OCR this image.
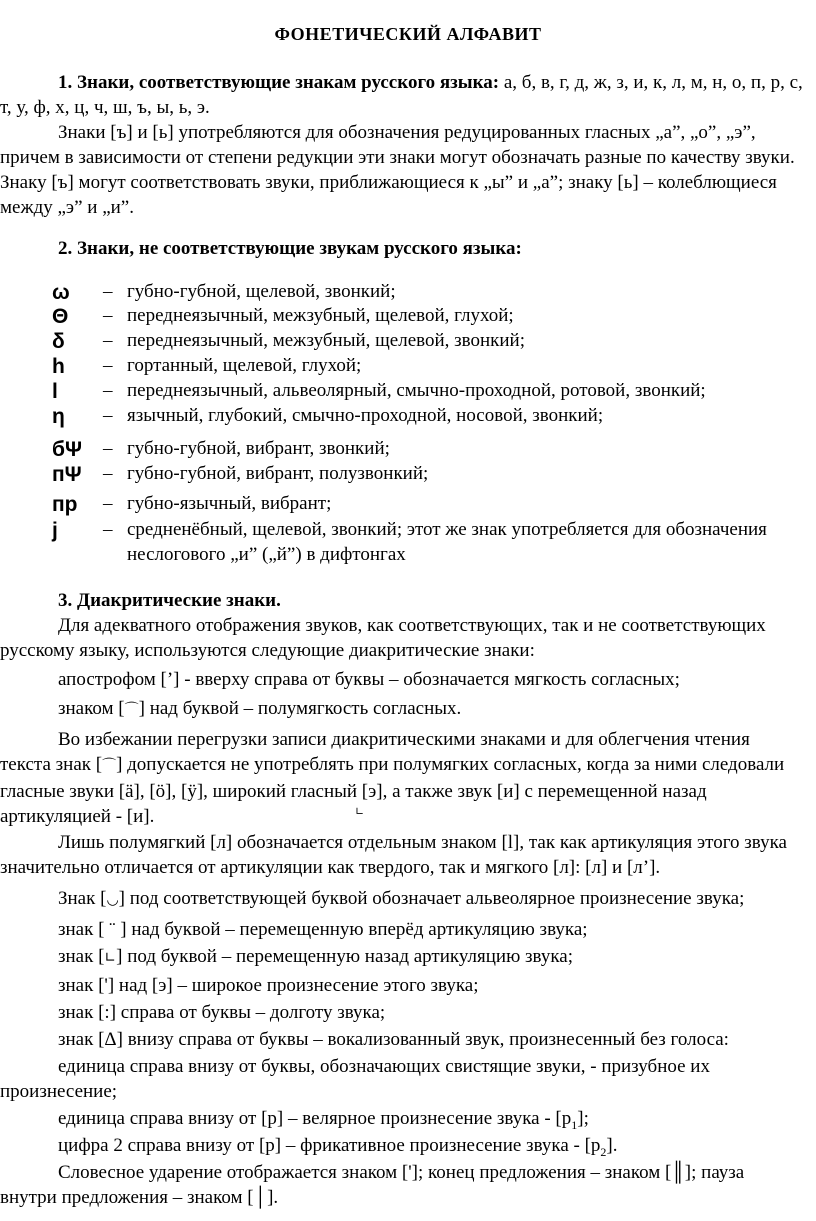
ФОНЕТИЧЕСКИЙ АЛФАВИТ

1. Знаки, соответствующие знакам русского языка: а, б, в, г, д, ж, з, и, к, л, м, н, о, п, р, с, т, у, ф, х, ц, ч, ш, ъ, ы, ь, э.

Знаки [ъ] и [ь] употребляются для обозначения редуцированных гласных „а”, „о”, „э”, причем в зависимости от степени редукции эти знаки могут обозначать разные по качеству звуки. Знаку [ъ] могут соответствовать звуки, приближающиеся к „ы” и „а”; знаку [ь] – колеблющиеся между „э” и „и”.

2. Знаки, не соответствующие звукам русского языка:

ω	– губно-губной, щелевой, звонкий;
Θ	– переднеязычный, межзубный, щелевой, глухой;
δ	– переднеязычный, межзубный, щелевой, звонкий;
h	– гортанный, щелевой, глухой;
l	– переднеязычный, альвеолярный, смычно-проходной, ротовой, звонкий;
η	– язычный, глубокий, смычно-проходной, носовой, звонкий;
бΨ	– губно-губной, вибрант, звонкий;
пΨ	– губно-губной, вибрант, полузвонкий;
пр	– губно-язычный, вибрант;
j	– средненёбный, щелевой, звонкий; этот же знак употребляется для обозначения неслогового „и” („й”) в дифтонгах

3. Диакритические знаки.

Для адекватного отображения звуков, как соответствующих, так и не соответствующих русскому языку, используются следующие диакритические знаки:

апострофом [’] - вверху справа от буквы – обозначается мягкость согласных;

знаком [⌒] над буквой – полумягкость согласных.

Во избежании перегрузки записи диакритическими знаками и для облегчения чтения текста знак [⌒] допускается не употреблять при полумягких согласных, когда за ними следовали гласные звуки [ä], [ö], [ÿ], широкий гласный [э], а также звук [и] с перемещенной назад артикуляцией - [и].	∟

Лишь полумягкий [л] обозначается отдельным знаком [l], так как артикуляция этого звука значительно отличается от артикуляции как твердого, так и мягкого [л]: [л] и [л’].

Знак [◡] под соответствующей буквой обозначает альвеолярное произнесение звука;

знак [ ¨ ] над буквой – перемещенную вперёд артикуляцию звука;

знак [∟] под буквой – перемещенную назад артикуляцию звука;

знак ['] над [э] – широкое произнесение этого звука;

знак [:] справа от буквы – долготу звука;

знак [Δ] внизу справа от буквы – вокализованный звук, произнесенный без голоса:

единица справа внизу от буквы, обозначающих свистящие звуки, - призубное их произнесение;

единица справа внизу от [р] – велярное произнесение звука - $[р_1]$;

цифра 2 справа внизу от [р] – фрикативное произнесение звука - $[р_2]$.

Словесное ударение отображается знаком [']; конец предложения – знаком [║]; пауза внутри предложения – знаком [│].
